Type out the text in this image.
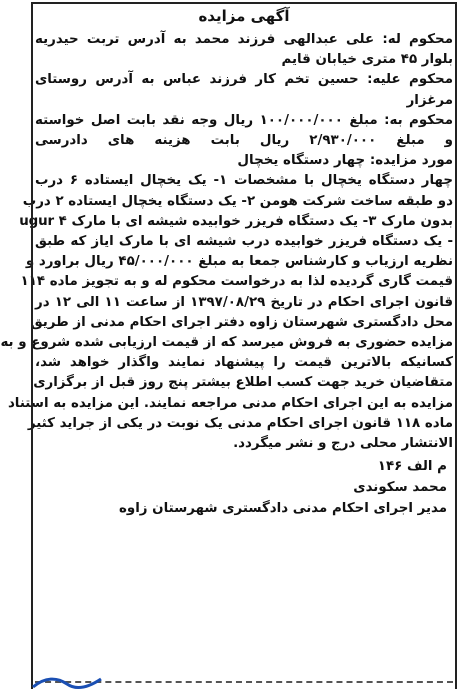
آگهی مزایده
محکوم له: علی عبدالهی فرزند محمد به آدرس تربت حیدریه
بلوار ۴۵ متری خیابان قایم
محکوم علیه: حسین تخم کار فرزند عباس به آدرس روستای
مرغزار
محکوم به: مبلغ ۱۰۰/۰۰۰/۰۰۰ ریال وجه نقد بابت اصل خواسته
و مبلغ ۲/۹۳۰/۰۰۰ ریال بابت هزینه های دادرسی
مورد مزایده: چهار دستگاه یخچال
چهار دستگاه یخچال با مشخصات ۱- یک یخچال ایستاده ۶ درب
دو طبقه ساخت شرکت هومن ۲- یک دستگاه یخچال ایستاده ۲ درب
بدون مارک ۳- یک دستگاه فریزر خوابیده شیشه ای با مارک ugur ۴
- یک دستگاه فریزر خوابیده درب شیشه ای با مارک ایاز که طبق
نظریه ارزیاب و کارشناس جمعا به مبلغ ۴۵/۰۰۰/۰۰۰ ریال براورد و
قیمت گاری گردیده لذا به درخواست محکوم له و به تجویز ماده ۱۱۴
قانون اجرای احکام در تاریخ ۱۳۹۷/۰۸/۲۹ از ساعت ۱۱ الی ۱۲ در
محل دادگستری شهرستان زاوه دفتر اجرای احکام مدنی از طریق
مزایده حضوری به فروش میرسد که از قیمت ارزیابی شده شروع و به
کسانیکه بالاترین قیمت را پیشنهاد نمایند واگذار خواهد شد،
متقاضیان خرید جهت کسب اطلاع بیشتر پنج روز قبل از برگزاری
مزایده به این اجرای احکام مدنی مراجعه نمایند. این مزایده به استناد
ماده ۱۱۸ قانون اجرای احکام مدنی یک نوبت در یکی از جراید کثیر
الانتشار محلی درج و نشر میگردد.
م الف ۱۴۶
محمد سکوندی
مدیر اجرای احکام مدنی دادگستری شهرستان زاوه
